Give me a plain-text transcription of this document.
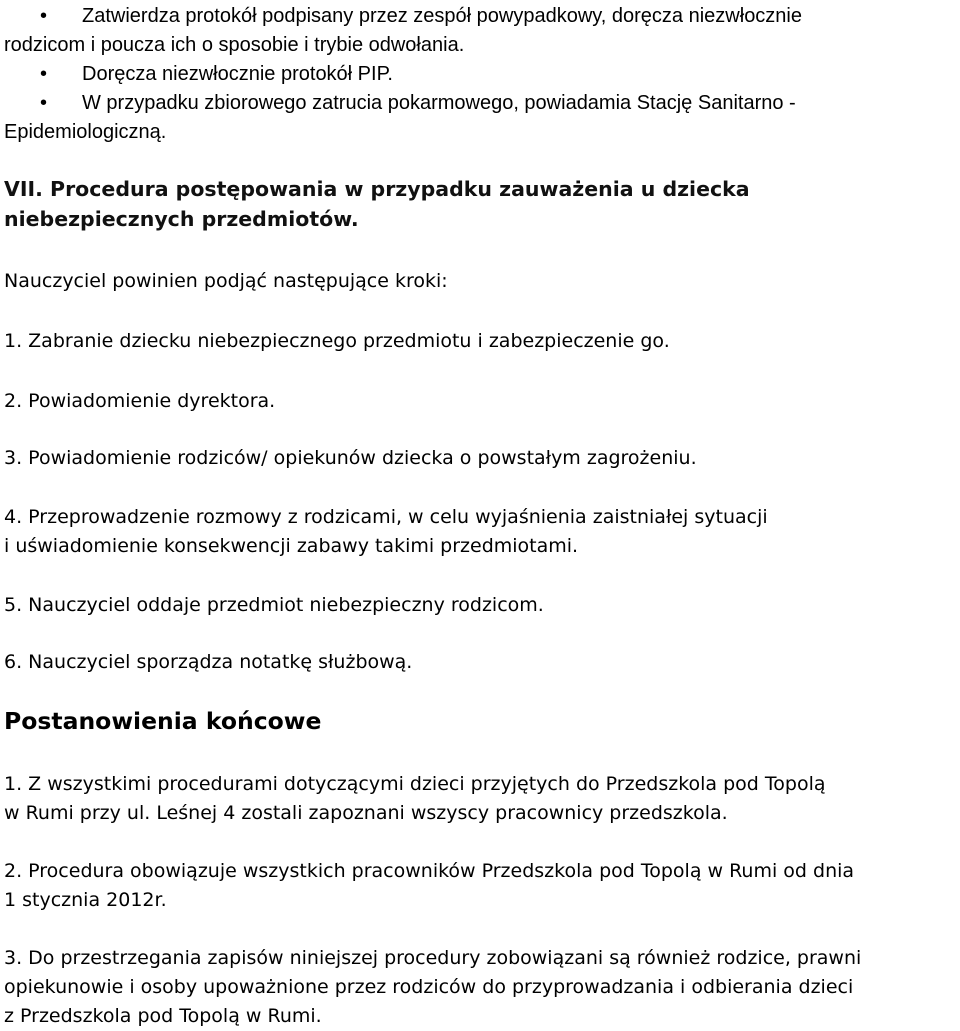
• Zatwierdza protokół podpisany przez zespół powypadkowy, doręcza niezwłocznie
rodzicom i poucza ich o sposobie i trybie odwołania.
• Doręcza niezwłocznie protokół PIP.
• W przypadku zbiorowego zatrucia pokarmowego, powiadamia Stację Sanitarno -
Epidemiologiczną.
VII. Procedura postępowania w przypadku zauważenia u dziecka
niebezpiecznych przedmiotów.
Nauczyciel powinien podjąć następujące kroki:
1. Zabranie dziecku niebezpiecznego przedmiotu i zabezpieczenie go.
2. Powiadomienie dyrektora.
3. Powiadomienie rodziców/ opiekunów dziecka o powstałym zagrożeniu.
4. Przeprowadzenie rozmowy z rodzicami, w celu wyjaśnienia zaistniałej sytuacji
i uświadomienie konsekwencji zabawy takimi przedmiotami.
5. Nauczyciel oddaje przedmiot niebezpieczny rodzicom.
6. Nauczyciel sporządza notatkę służbową.
Postanowienia końcowe
1. Z wszystkimi procedurami dotyczącymi dzieci przyjętych do Przedszkola pod Topolą
w Rumi przy ul. Leśnej 4 zostali zapoznani wszyscy pracownicy przedszkola.
2. Procedura obowiązuje wszystkich pracowników Przedszkola pod Topolą w Rumi od dnia
1 stycznia 2012r.
3. Do przestrzegania zapisów niniejszej procedury zobowiązani są również rodzice, prawni
opiekunowie i osoby upoważnione przez rodziców do przyprowadzania i odbierania dzieci
z Przedszkola pod Topolą w Rumi.
